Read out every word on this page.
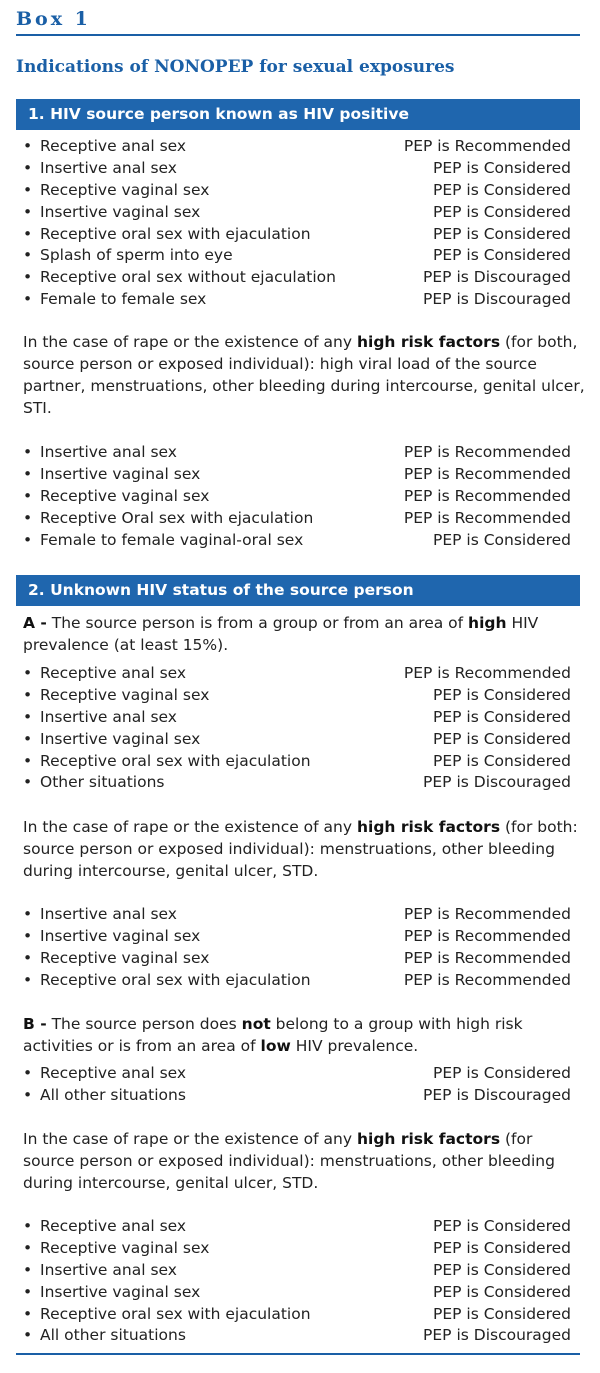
Box 1
Indications of NONOPEP for sexual exposures
1. HIV source person known as HIV positive
• Receptive anal sex	PEP is Recommended
• Insertive anal sex	PEP is Considered
• Receptive vaginal sex	PEP is Considered
• Insertive vaginal sex	PEP is Considered
• Receptive oral sex with ejaculation	PEP is Considered
• Splash of sperm into eye	PEP is Considered
• Receptive oral sex without ejaculation	PEP is Discouraged
• Female to female sex	PEP is Discouraged

In the case of rape or the existence of any high risk factors (for both, source person or exposed individual): high viral load of the source partner, menstruations, other bleeding during intercourse, genital ulcer, STI.

• Insertive anal sex	PEP is Recommended
• Insertive vaginal sex	PEP is Recommended
• Receptive vaginal sex	PEP is Recommended
• Receptive Oral sex with ejaculation	PEP is Recommended
• Female to female vaginal-oral sex	PEP is Considered
2. Unknown HIV status of the source person

A - The source person is from a group or from an area of high HIV prevalence (at least 15%).

• Receptive anal sex	PEP is Recommended
• Receptive vaginal sex	PEP is Considered
• Insertive anal sex	PEP is Considered
• Insertive vaginal sex	PEP is Considered
• Receptive oral sex with ejaculation	PEP is Considered
• Other situations	PEP is Discouraged

In the case of rape or the existence of any high risk factors (for both: source person or exposed individual): menstruations, other bleeding during intercourse, genital ulcer, STD.

• Insertive anal sex	PEP is Recommended
• Insertive vaginal sex	PEP is Recommended
• Receptive vaginal sex	PEP is Recommended
• Receptive oral sex with ejaculation	PEP is Recommended

B - The source person does not belong to a group with high risk activities or is from an area of low HIV prevalence.

• Receptive anal sex	PEP is Considered
• All other situations	PEP is Discouraged

In the case of rape or the existence of any high risk factors (for source person or exposed individual): menstruations, other bleeding during intercourse, genital ulcer, STD.

• Receptive anal sex	PEP is Considered
• Receptive vaginal sex	PEP is Considered
• Insertive anal sex	PEP is Considered
• Insertive vaginal sex	PEP is Considered
• Receptive oral sex with ejaculation	PEP is Considered
• All other situations	PEP is Discouraged
